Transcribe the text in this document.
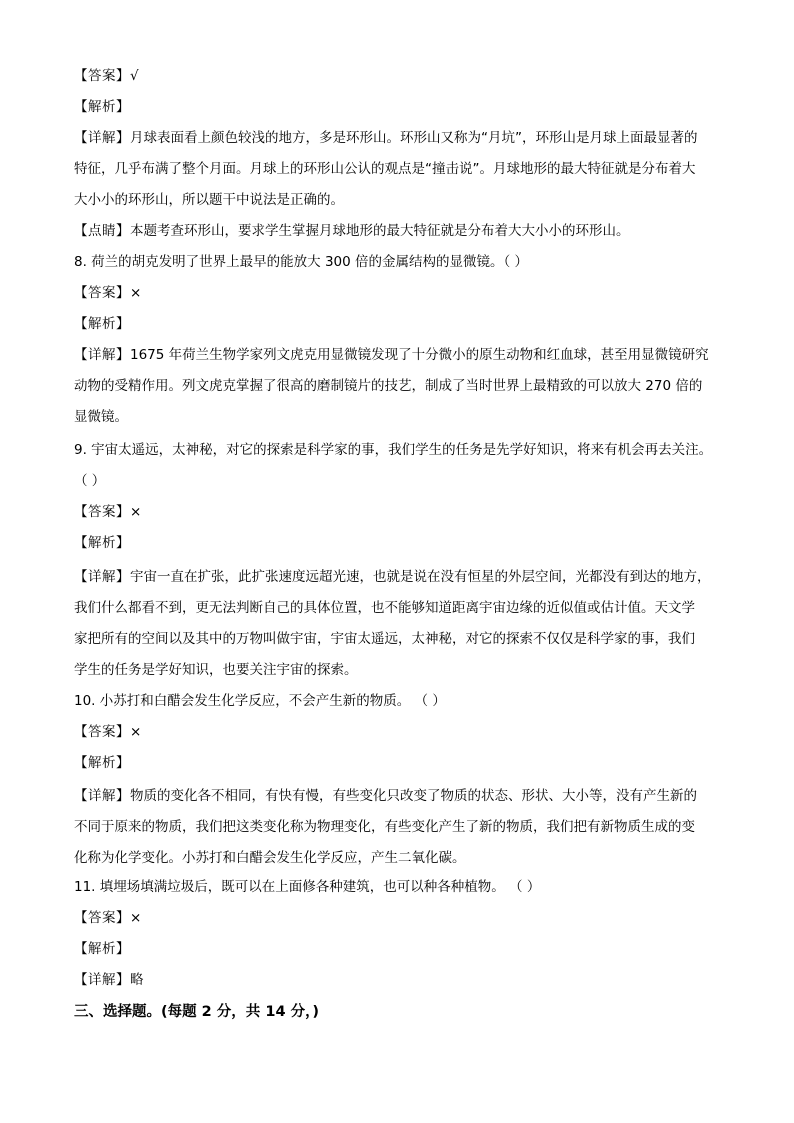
【答案】√
【解析】
【详解】月球表面看上颜色较浅的地方，多是环形山。环形山又称为“月坑”，环形山是月球上面最显著的
特征，几乎布满了整个月面。月球上的环形山公认的观点是“撞击说”。月球地形的最大特征就是分布着大
大小小的环形山，所以题干中说法是正确的。
【点睛】本题考查环形山，要求学生掌握月球地形的最大特征就是分布着大大小小的环形山。
8. 荷兰的胡克发明了世界上最早的能放大 300 倍的金属结构的显微镜。（ ）
【答案】×
【解析】
【详解】1675 年荷兰生物学家列文虎克用显微镜发现了十分微小的原生动物和红血球，甚至用显微镜研究
动物的受精作用。列文虎克掌握了很高的磨制镜片的技艺，制成了当时世界上最精致的可以放大 270 倍的
显微镜。
9. 宇宙太遥远，太神秘，对它的探索是科学家的事，我们学生的任务是先学好知识，将来有机会再去关注。
（ ）
【答案】×
【解析】
【详解】宇宙一直在扩张，此扩张速度远超光速，也就是说在没有恒星的外层空间，光都没有到达的地方，
我们什么都看不到，更无法判断自己的具体位置，也不能够知道距离宇宙边缘的近似值或估计值。天文学
家把所有的空间以及其中的万物叫做宇宙，宇宙太遥远，太神秘，对它的探索不仅仅是科学家的事，我们
学生的任务是学好知识，也要关注宇宙的探索。
10. 小苏打和白醋会发生化学反应，不会产生新的物质。 （ ）
【答案】×
【解析】
【详解】物质的变化各不相同，有快有慢，有些变化只改变了物质的状态、形状、大小等，没有产生新的
不同于原来的物质，我们把这类变化称为物理变化，有些变化产生了新的物质，我们把有新物质生成的变
化称为化学变化。小苏打和白醋会发生化学反应，产生二氧化碳。
11. 填埋场填满垃圾后，既可以在上面修各种建筑，也可以种各种植物。 （ ）
【答案】×
【解析】
【详解】略
三、选择题。(每题 2 分，共 14 分，)
